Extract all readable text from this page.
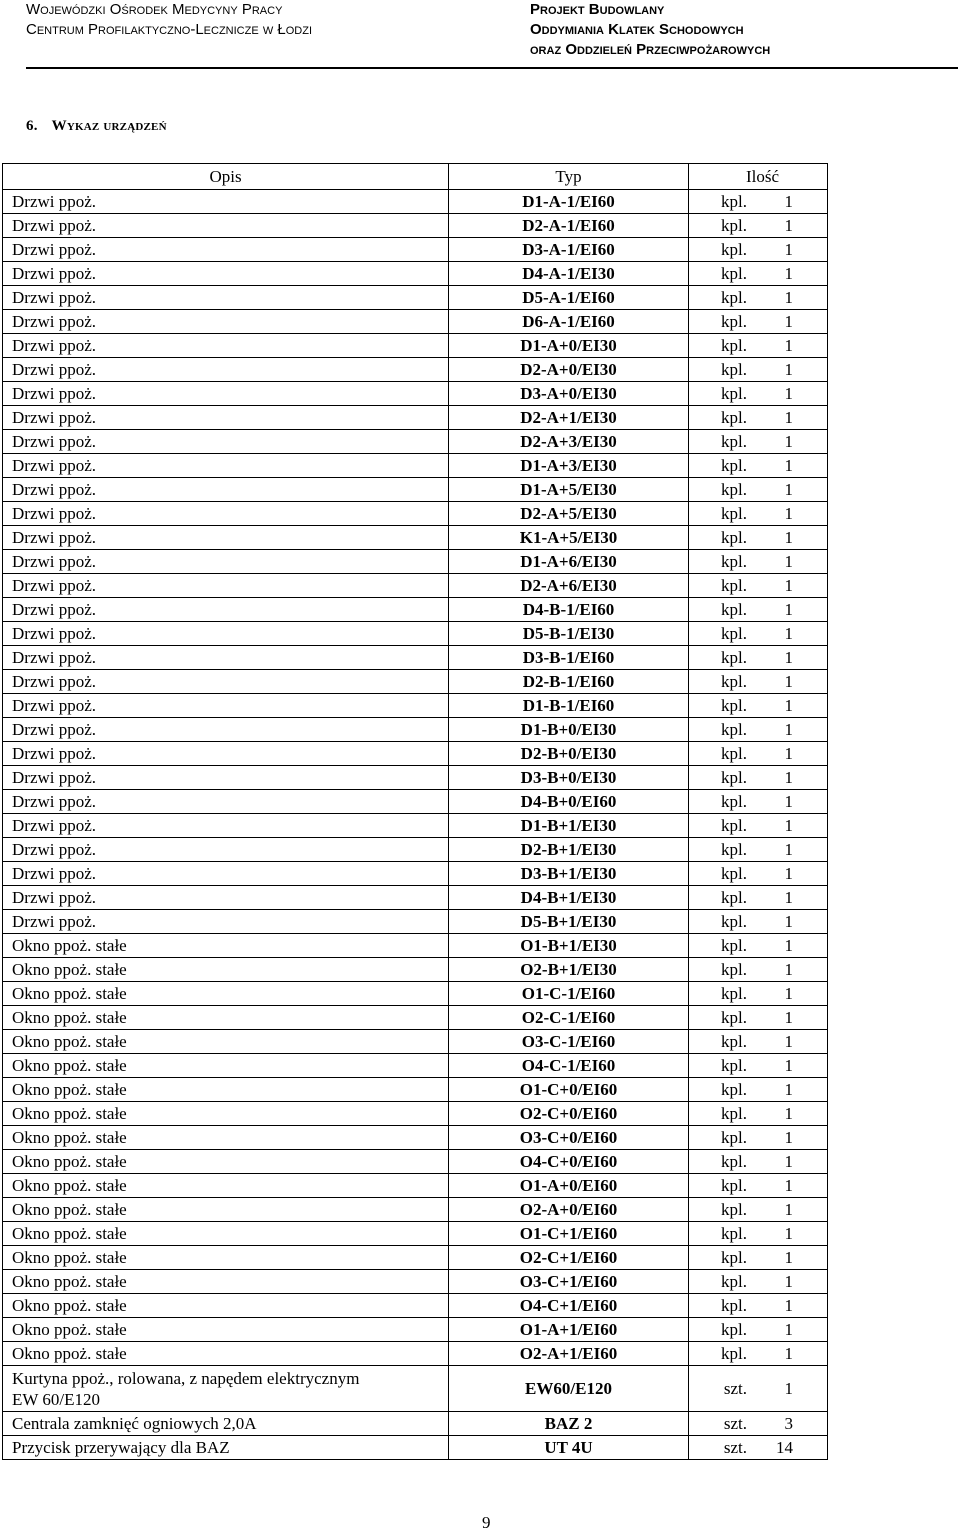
Wojewódzki Ośrodek Medycyny Pracy
Centrum Profilaktyczno-Lecznicze w Łodzi
Projekt Budowlany
Oddymiania Klatek Schodowych
oraz Oddzieleń Przeciwpożarowych
6. Wykaz urządzeń
Opis	Typ	Ilość
Drzwi ppoż.	D1-A-1/EI60	kpl. 1
Drzwi ppoż.	D2-A-1/EI60	kpl. 1
Drzwi ppoż.	D3-A-1/EI60	kpl. 1
Drzwi ppoż.	D4-A-1/EI30	kpl. 1
Drzwi ppoż.	D5-A-1/EI60	kpl. 1
Drzwi ppoż.	D6-A-1/EI60	kpl. 1
Drzwi ppoż.	D1-A+0/EI30	kpl. 1
Drzwi ppoż.	D2-A+0/EI30	kpl. 1
Drzwi ppoż.	D3-A+0/EI30	kpl. 1
Drzwi ppoż.	D2-A+1/EI30	kpl. 1
Drzwi ppoż.	D2-A+3/EI30	kpl. 1
Drzwi ppoż.	D1-A+3/EI30	kpl. 1
Drzwi ppoż.	D1-A+5/EI30	kpl. 1
Drzwi ppoż.	D2-A+5/EI30	kpl. 1
Drzwi ppoż.	K1-A+5/EI30	kpl. 1
Drzwi ppoż.	D1-A+6/EI30	kpl. 1
Drzwi ppoż.	D2-A+6/EI30	kpl. 1
Drzwi ppoż.	D4-B-1/EI60	kpl. 1
Drzwi ppoż.	D5-B-1/EI30	kpl. 1
Drzwi ppoż.	D3-B-1/EI60	kpl. 1
Drzwi ppoż.	D2-B-1/EI60	kpl. 1
Drzwi ppoż.	D1-B-1/EI60	kpl. 1
Drzwi ppoż.	D1-B+0/EI30	kpl. 1
Drzwi ppoż.	D2-B+0/EI30	kpl. 1
Drzwi ppoż.	D3-B+0/EI30	kpl. 1
Drzwi ppoż.	D4-B+0/EI60	kpl. 1
Drzwi ppoż.	D1-B+1/EI30	kpl. 1
Drzwi ppoż.	D2-B+1/EI30	kpl. 1
Drzwi ppoż.	D3-B+1/EI30	kpl. 1
Drzwi ppoż.	D4-B+1/EI30	kpl. 1
Drzwi ppoż.	D5-B+1/EI30	kpl. 1
Okno ppoż. stałe	O1-B+1/EI30	kpl. 1
Okno ppoż. stałe	O2-B+1/EI30	kpl. 1
Okno ppoż. stałe	O1-C-1/EI60	kpl. 1
Okno ppoż. stałe	O2-C-1/EI60	kpl. 1
Okno ppoż. stałe	O3-C-1/EI60	kpl. 1
Okno ppoż. stałe	O4-C-1/EI60	kpl. 1
Okno ppoż. stałe	O1-C+0/EI60	kpl. 1
Okno ppoż. stałe	O2-C+0/EI60	kpl. 1
Okno ppoż. stałe	O3-C+0/EI60	kpl. 1
Okno ppoż. stałe	O4-C+0/EI60	kpl. 1
Okno ppoż. stałe	O1-A+0/EI60	kpl. 1
Okno ppoż. stałe	O2-A+0/EI60	kpl. 1
Okno ppoż. stałe	O1-C+1/EI60	kpl. 1
Okno ppoż. stałe	O2-C+1/EI60	kpl. 1
Okno ppoż. stałe	O3-C+1/EI60	kpl. 1
Okno ppoż. stałe	O4-C+1/EI60	kpl. 1
Okno ppoż. stałe	O1-A+1/EI60	kpl. 1
Okno ppoż. stałe	O2-A+1/EI60	kpl. 1

Kurtyna ppoż., rolowana, z napędem elektrycznym
EW 60/E120	EW60/E120	szt. 1
Centrala zamknięć ogniowych 2,0A	BAZ 2	szt. 3
Przycisk przerywający dla BAZ	UT 4U	szt. 14
9
